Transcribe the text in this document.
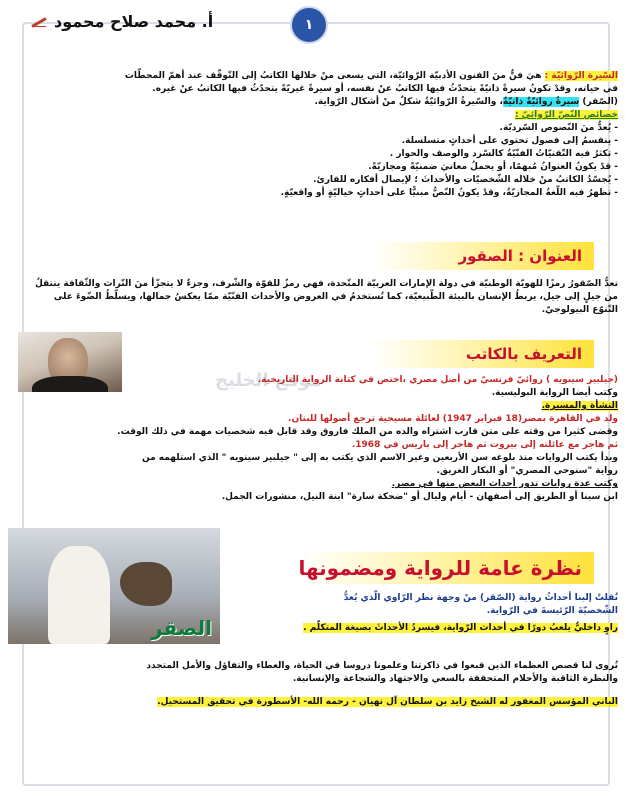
١
أ. محمد صلاح محمود

السّيرة الرّوائيّة : هيَ فنٌّ منَ الفنون الأدبيّة الرّوائيّة، التي يسعى منْ خلالها الكاتبُ إلى التّوقّف عند أهمّ المحطّات

في حياته، وقدْ تكونُ سيرةً ذاتيّةً يتحدّثُ فيها الكاتبُ عنْ نفسه، أو سيرةً غيريّةً يتحدّثُ فيها الكاتبُ عنْ غيره.

(الصّقر) سيرةٌ روائيّةٌ ذاتيّةٌ، والسّيرةُ الرّوائيّةُ شكلٌ منْ أشكال الرّواية.

خصائص النّصّ الرّوائيّ :

- يُعدُّ منَ النّصوص السّرديّة.

- ينقسمُ إلى فصول تحتوي على أحداثٍ متسلسلة.

- تكثرُ فيه التّقنيّاتُ الفنّيّةُ كالسّرد والوصف والحوار .

- قدْ يكونُ العنوانُ مُبهمًا، أو يحملُ معانيَ ضمنيّةً ومجازيّةً.

- يُجسّدُ الكاتبُ منْ خلاله الشّخصيّات والأحداثَ ؛ لإيصال أفكاره للقارئ.

- تظهرُ فيه اللّغةُ المجازيّةُ، وقدْ يكونُ النّصُّ مبنيًّا على أحداثٍ خياليّةٍ أو واقعيّةٍ.

العنوان : الصقور

تعدُّ الصّقورُ رمزًا للهويّة الوطنيّة في دولة الإمارات العربيّة المتّحدة، فهي رمزٌ للقوّة والشّرف، وجزءٌ لا يتجزّأ منَ التّراث والثّقافة ينتقلُ من جيلٍ إلى جيل، يربطُ الإنسان بالبيئة الطّبيعيّة، كما تُستخدمُ في العروض والأحداث الفنّيّة ممّا يعكسُ جمالها، ويسلّطُ الضّوءَ على التّنوّع البيولوجيّ.

التعريف بالكاتب
موقع الخليج

(جيلبير سينويه ) روائيّ فرنسيّ من أصل مصري ،اختص في كتابة الرواية التاريخية.

وكتب أيضا الرواية البوليسية.

النشأة والمسيرة.

ولد في القاهرة بمصر(18 فبراير 1947) لعائلة مسيحية ترجع أصولها للبنان.

وقضى كثيرا من وقته على متن قارب اشتراه والده من الملك فاروق وقد قابل فيه شخصيات مهمة في ذلك الوقت.

ثم هاجر مع عائلته إلى بيروت ثم هاجر إلى باريس في 1968.

وبدأ يكتب الروايات منذ بلوغه سن الأربعين وغير الاسم الذي يكتب به إلى " جيلبير سينويه " الذي استلهمه من

رواية "سنوحي المصري" أو البكار الغريق.

وكتب عدة روايات تدور أحداث البعض منها في مصر.

ابن سينا أو الطريق إلى أصفهان - أيام وليال أو "ضحكة سارة" ابنة النيل، منشورات الجمل.

نظرة عامة للرواية ومضمونها
الصقر

نُقلتْ إلينا أحداثُ رواية (الصّقر) منْ وجهة نظر الرّاوي الّذي يُعدُّ

الشّخصيّةَ الرّئيسةَ في الرّواية.

راوٍ داخليٌّ يلعبُ دورًا في أحداث الرّواية، فيسردُ الأحداثَ بصيغة المتكلّم .

تُروى لنا قصص العظماء الذين قبعوا في ذاكرتنا وعلمونا دروسا في الحياة، والعطاء والتفاؤل والأمل المتجدد

والنظرة الثاقبة والأحلام المتحققة بالسعي والاجتهاد والشجاعة والإنسانية.

الباني المؤسس المغفور له الشيخ زايد بن سلطان آل نهيان - رحمه الله- الأسطورة في تحقيق المستحيل.
